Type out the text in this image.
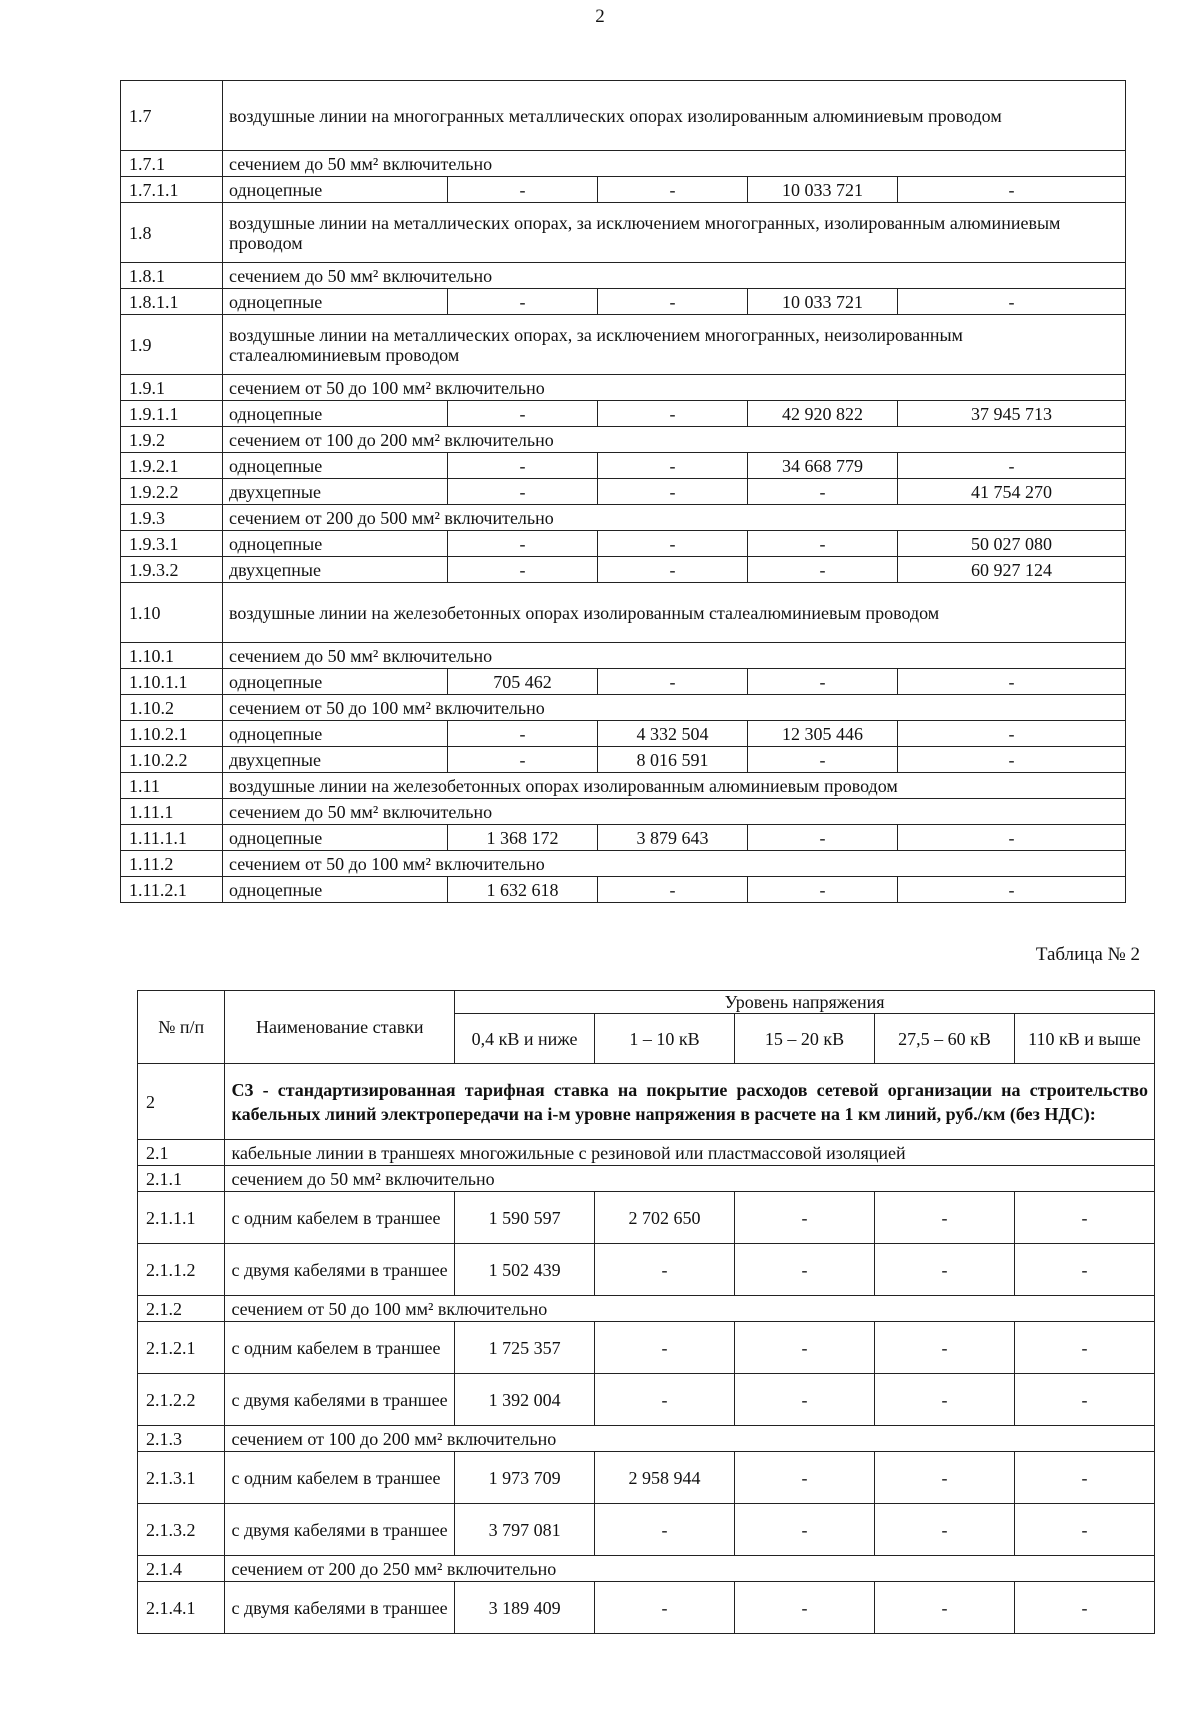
2
1.7	воздушные линии на многогранных металлических опорах изолированным алюминиевым проводом				
1.7.1	сечением до 50 мм² включительно				
1.7.1.1	одноцепные	-	-	10 033 721	-
1.8	воздушные линии на металлических опорах, за исключением многогранных, изолированным алюминиевым проводом				
1.8.1	сечением до 50 мм² включительно				
1.8.1.1	одноцепные	-	-	10 033 721	-
1.9	воздушные линии на металлических опорах, за исключением многогранных, неизолированным сталеалюминиевым проводом				
1.9.1	сечением от 50 до 100 мм² включительно				
1.9.1.1	одноцепные	-	-	42 920 822	37 945 713
1.9.2	сечением от 100 до 200 мм² включительно				
1.9.2.1	одноцепные	-	-	34 668 779	-
1.9.2.2	двухцепные	-	-	-	41 754 270
1.9.3	сечением от 200 до 500 мм² включительно				
1.9.3.1	одноцепные	-	-	-	50 027 080
1.9.3.2	двухцепные	-	-	-	60 927 124
1.10	воздушные линии на железобетонных опорах изолированным сталеалюминиевым проводом				
1.10.1	сечением до 50 мм² включительно				
1.10.1.1	одноцепные	705 462	-	-	-
1.10.2	сечением от 50 до 100 мм² включительно				
1.10.2.1	одноцепные	-	4 332 504	12 305 446	-
1.10.2.2	двухцепные	-	8 016 591	-	-
1.11	воздушные линии на железобетонных опорах изолированным алюминиевым проводом				
1.11.1	сечением до 50 мм² включительно				
1.11.1.1	одноцепные	1 368 172	3 879 643	-	-
1.11.2	сечением от 50 до 100 мм² включительно				
1.11.2.1	одноцепные	1 632 618	-	-	-
Таблица № 2
№ п/п	Наименование ставки	Уровень напряжения				
		0,4 кВ и ниже	1 – 10 кВ	15 – 20 кВ	27,5 – 60 кВ	110 кВ и выше
2	С3 - стандартизированная тарифная ставка на покрытие расходов сетевой организации на строительство кабельных линий электропередачи на i-м уровне напряжения в расчете на 1 км линий, руб./км (без НДС):					
2.1	кабельные линии в траншеях многожильные с резиновой или пластмассовой изоляцией					
2.1.1	сечением до 50 мм² включительно					
2.1.1.1	с одним кабелем в траншее	1 590 597	2 702 650	-	-	-
2.1.1.2	с двумя кабелями в траншее	1 502 439	-	-	-	-
2.1.2	сечением от 50 до 100 мм² включительно					
2.1.2.1	с одним кабелем в траншее	1 725 357	-	-	-	-
2.1.2.2	с двумя кабелями в траншее	1 392 004	-	-	-	-
2.1.3	сечением от 100 до 200 мм² включительно					
2.1.3.1	с одним кабелем в траншее	1 973 709	2 958 944	-	-	-
2.1.3.2	с двумя кабелями в траншее	3 797 081	-	-	-	-
2.1.4	сечением от 200 до 250 мм² включительно					
2.1.4.1	с двумя кабелями в траншее	3 189 409	-	-	-	-
